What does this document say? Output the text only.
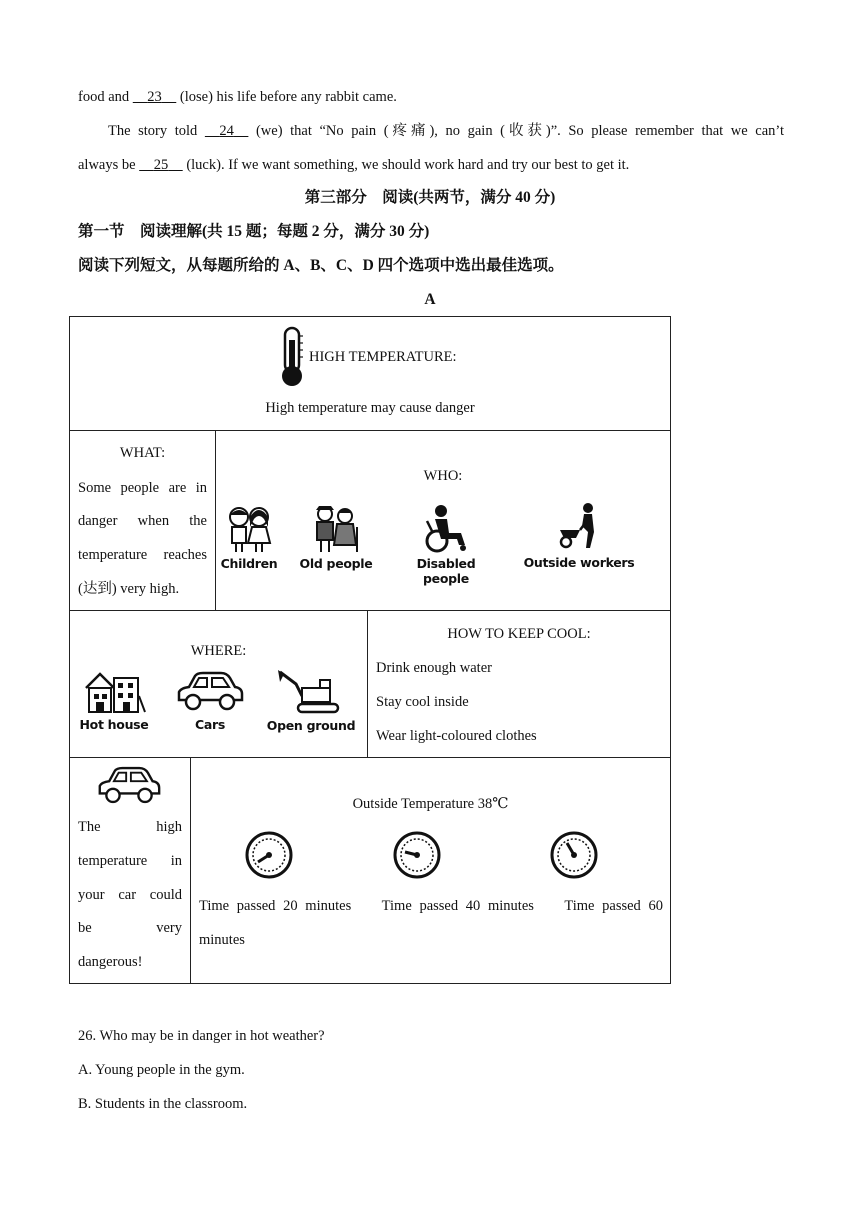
food and     23     (lose) his life before any rabbit came.
The story told     24     (we) that “No pain (疼痛), no gain (收获)”. So please remember that we can’t
always be     25     (luck). If we want something, we should work hard and try our best to get it.
第三部分　阅读(共两节，满分 40 分)
第一节　阅读理解(共 15 题；每题 2 分，满分 30 分)
阅读下列短文，从每题所给的 A、B、C、D 四个选项中选出最佳选项。
A
HIGH TEMPERATURE:
High temperature may cause danger
WHAT:
Some people are in
danger when the
temperature reaches
(达到) very high.
WHO:
Children	Old people	Disabled people
Outside workers
WHERE:
Hot house	Cars	Open ground
HOW TO KEEP COOL:
Drink enough water
Stay cool inside
Wear light-coloured clothes
The high
temperature in
your car could
be very
dangerous!
Outside Temperature 38℃
Time passed 20 minutes    Time passed 40 minutes    Time passed 60
minutes
26. Who may be in danger in hot weather?
A. Young people in the gym.
B. Students in the classroom.
